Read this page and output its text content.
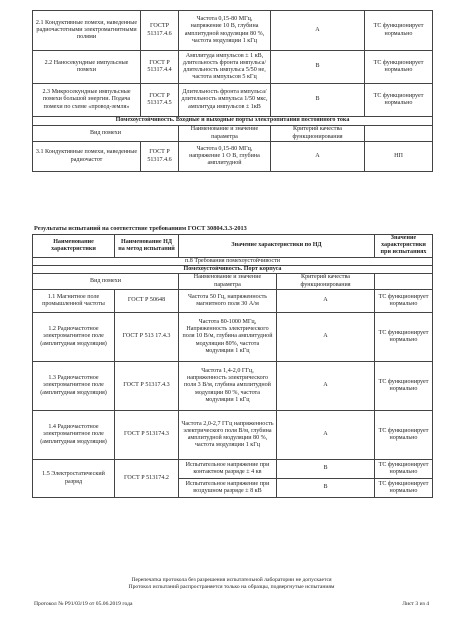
2.1 Кондуктивные помехи, наведенные радиочастотными электромагнитными полями	ГОСТР 51317.4.6	Частота 0,15-80 МГц, напряжение 10 В, глубина амплитудной модуляции 80 %, частота модуляции 1 кГц	А	ТС функционирует нормально
2.2 Наносекундные импульсные помехи	ГОСТ Р 51317.4.4	Амплитуда импульсов ± 1 кВ, длительность фронта импульса/длительность импульса 5/50 не, частота импульсов 5 кГц	В	ТС функционирует нормально
2.3 Микросекундные импульсные помехи большой энергии. Подача помехи по схеме «провод-земля»	ГОСТ Р 51317.4.5	Длительность фронта импульса/длительность импульса 1/50 мкс, амплитуда импульсов ± 1кВ	В	ТС функционирует нормально
Помехоустойчивость. Входные и выходные порты электропитания постоянного тока				
Вид помехи		Наименование и значение параметра	Критерий качества функционирования	
3.1 Кондуктивные помехи, наведенные радиочастот	ГОСТ Р 51317.4.6	Частота 0,15-80 МГц, напряжение 1 О В, глубина амплитудной	А	НП
Результаты испытаний на соответствие требованиям ГОСТ 30804.3.3-2013
Наименование характеристики	Наименование НД на метод испытаний	Значение характеристики по НД		Значение характеристики при испытаниях
п.8 Требования помехоустойчивости				
Помехоустойчивость. Порт корпуса				
Вид помехи		Наименование и значение параметра	Критерий качества функционирования	
1.1 Магнитное поле промышленной частоты	ГОСТ Р 50648	Частота 50 Гц, напряженность магнитного поля 30 А/м	А	ТС функционирует нормально
1.2 Радиочастотное электромагнитное поле (амплитудная модуляция)	ГОСТ Р 513 17.4.3	Частота 80-1000 МГц, Напряженность электрического поля 10 В/м, глубина амплитудной модуляции 80%, частота модуляции 1 кГц	А	ТС функционирует нормально
1.3 Радиочастотное электромагнитное поле (амплитудная модуляция)	ГОСТ Р 51317.4.3	Частота 1,4-2,0 ГГц, напряженность электрического поля 3 В/м, глубина амплитудной модуляции 80 %, частота модуляции 1 кГц	А	ТС функционирует нормально
1.4 Радиочастотное электромагнитное поле (амплитудная модуляция)	ГОСТ Р 513174.3	Частота 2,0-2,7 ГГц напряженность электрического поля В/м, глубина амплитудной модуляции 80 %, частота модуляции 1 кГц	А	ТС функционирует нормально
1.5 Электростатический разряд	ГОСТ Р 513174.2	Испытательное напряжение при контактном разряде ± 4 кв	В	ТС функционирует нормально
		Испытательное напряжение при воздушном разряде ± 8 кВ	В	ТС функционирует нормально
Перепечатка протокола без разрешения испытательной лаборатории не допускается
Протокол испытаний распространяется только на образцы, подвергнутые испытаниям
Протокол № Р91/03/19 от 05.06.2019 года	Лист 3 из 4
